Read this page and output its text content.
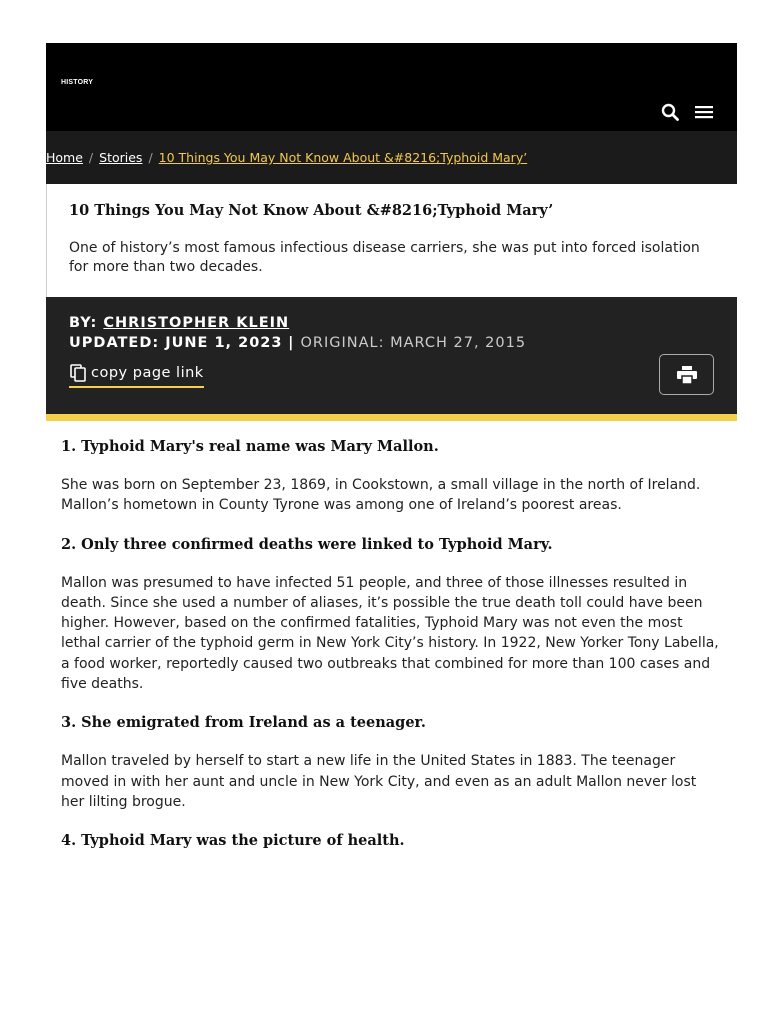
HISTORY
Home / Stories / 10 Things You May Not Know About &#8216;Typhoid Mary’
10 Things You May Not Know About &#8216;Typhoid Mary’
One of history’s most famous infectious disease carriers, she was put into forced isolation for more than two decades.
BY: CHRISTOPHER KLEIN
UPDATED: JUNE 1, 2023 | ORIGINAL: MARCH 27, 2015
copy page link
1. Typhoid Mary's real name was Mary Mallon.

She was born on September 23, 1869, in Cookstown, a small village in the north of Ireland. Mallon’s hometown in County Tyrone was among one of Ireland’s poorest areas.

2. Only three confirmed deaths were linked to Typhoid Mary.

Mallon was presumed to have infected 51 people, and three of those illnesses resulted in death. Since she used a number of aliases, it’s possible the true death toll could have been higher. However, based on the confirmed fatalities, Typhoid Mary was not even the most lethal carrier of the typhoid germ in New York City’s history. In 1922, New Yorker Tony Labella, a food worker, reportedly caused two outbreaks that combined for more than 100 cases and five deaths.

3. She emigrated from Ireland as a teenager.

Mallon traveled by herself to start a new life in the United States in 1883. The teenager moved in with her aunt and uncle in New York City, and even as an adult Mallon never lost her lilting brogue.

4. Typhoid Mary was the picture of health.
